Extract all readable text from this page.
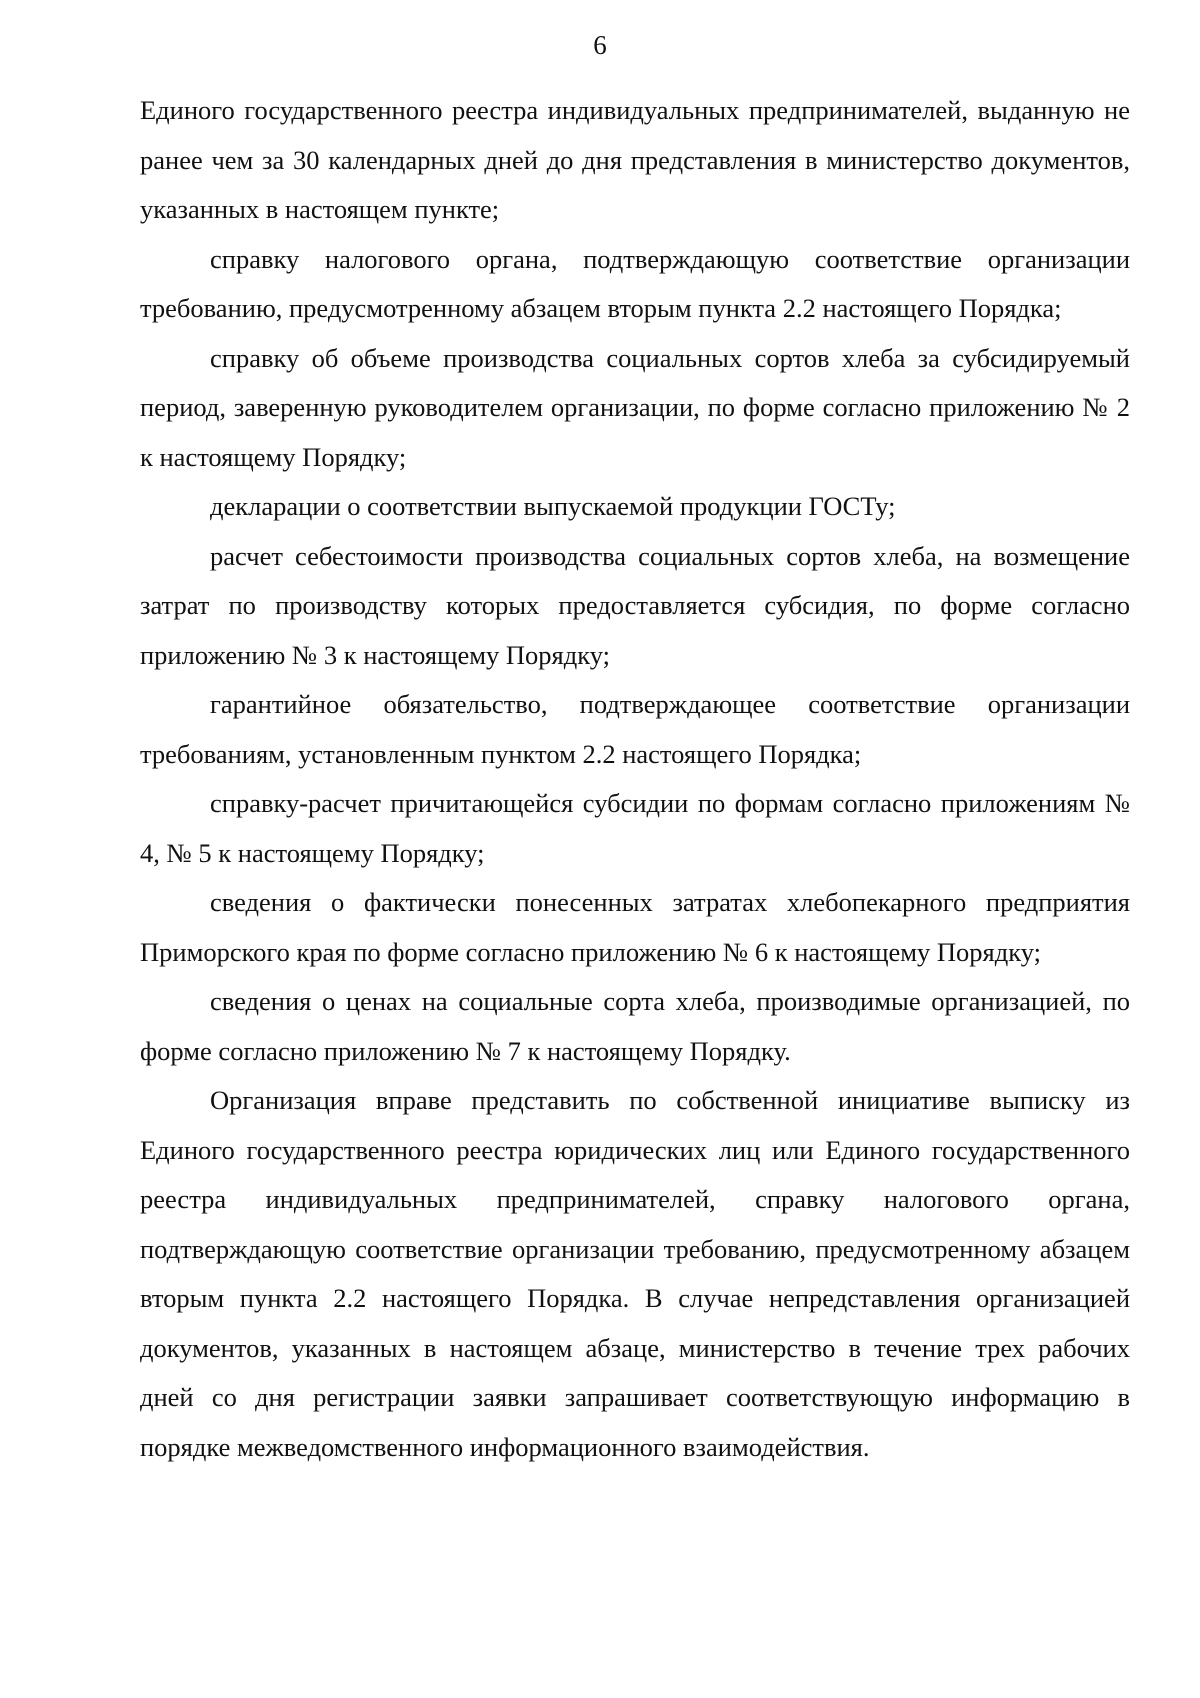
6

Единого государственного реестра индивидуальных предпринимателей, выданную не ранее чем за 30 календарных дней до дня представления в министерство документов, указанных в настоящем пункте;

справку налогового органа, подтверждающую соответствие организации требованию, предусмотренному абзацем вторым пункта 2.2 настоящего Порядка;

справку об объеме производства социальных сортов хлеба за субсидируемый период, заверенную руководителем организации, по форме согласно приложению № 2 к настоящему Порядку;

декларации о соответствии выпускаемой продукции ГОСТу;

расчет себестоимости производства социальных сортов хлеба, на возмещение затрат по производству которых предоставляется субсидия, по форме согласно приложению № 3 к настоящему Порядку;

гарантийное обязательство, подтверждающее соответствие организации требованиям, установленным пунктом 2.2 настоящего Порядка;

справку-расчет причитающейся субсидии по формам согласно приложениям № 4, № 5 к настоящему Порядку;

сведения о фактически понесенных затратах хлебопекарного предприятия Приморского края по форме согласно приложению № 6 к настоящему Порядку;

сведения о ценах на социальные сорта хлеба, производимые организацией, по форме согласно приложению № 7 к настоящему Порядку.

Организация вправе представить по собственной инициативе выписку из Единого государственного реестра юридических лиц или Единого государственного реестра индивидуальных предпринимателей, справку налогового органа, подтверждающую соответствие организации требованию, предусмотренному абзацем вторым пункта 2.2 настоящего Порядка. В случае непредставления организацией документов, указанных в настоящем абзаце, министерство в течение трех рабочих дней со дня регистрации заявки запрашивает соответствующую информацию в порядке межведомственного информационного взаимодействия.
